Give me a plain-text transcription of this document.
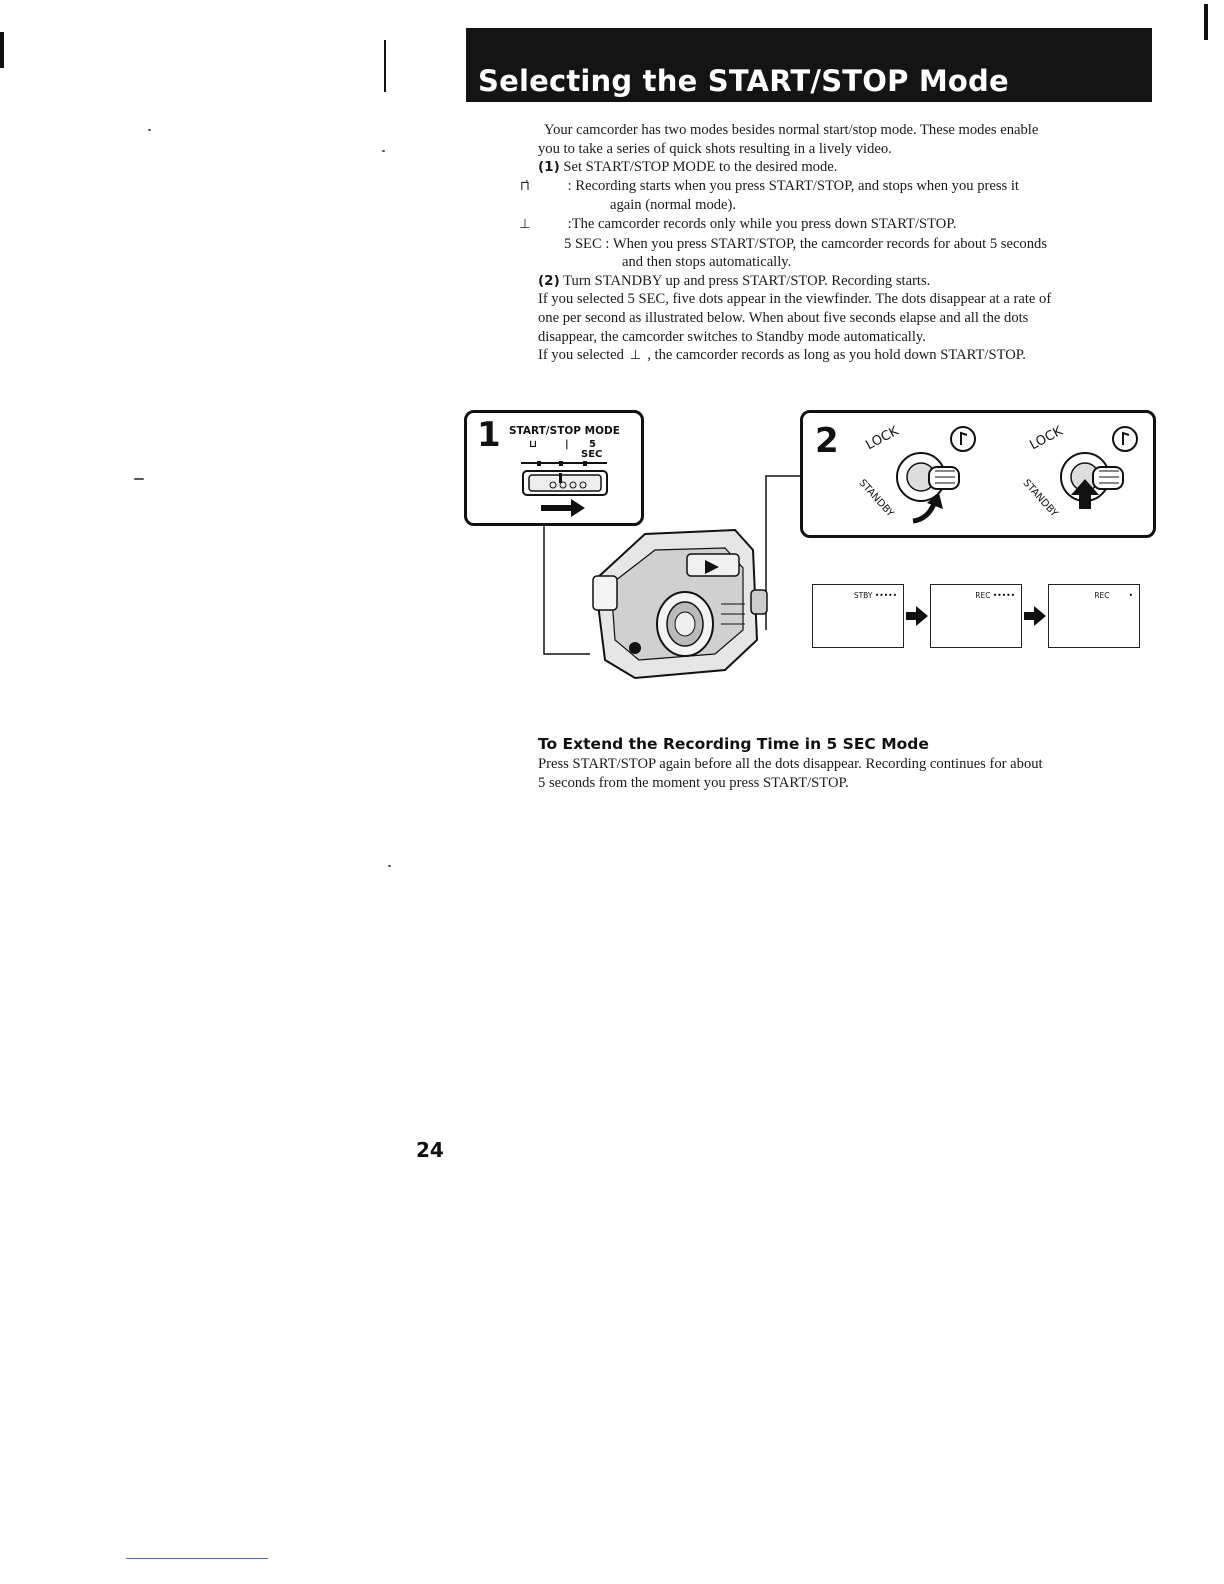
Selecting the START/STOP Mode

Your camcorder has two modes besides normal start/stop mode. These modes enable

you to take a series of quick shots resulting in a lively video.

(1) Set START/STOP MODE to the desired mode.

⊓̇	: Recording starts when you press START/STOP, and stops when you press it

again (normal mode).

⊥	:The camcorder records only while you press down START/STOP.

5 SEC : When you press START/STOP, the camcorder records for about 5 seconds

and then stops automatically.

(2) Turn STANDBY up and press START/STOP. Recording starts.

If you selected 5 SEC, five dots appear in the viewfinder. The dots disappear at a rate of

one per second as illustrated below. When about five seconds elapse and all the dots

disappear, the camcorder switches to Standby mode automatically.

If you selected ⊥ , the camcorder records as long as you hold down START/STOP.

1 START/STOP MODE
⊔	| 5
SEC	2 LOCK	LOCK
STANDBY	STANDBY
STBY •••••	REC •••••	REC        •
To Extend the Recording Time in 5 SEC Mode

Press START/STOP again before all the dots disappear. Recording continues for about

5 seconds from the moment you press START/STOP.

24
